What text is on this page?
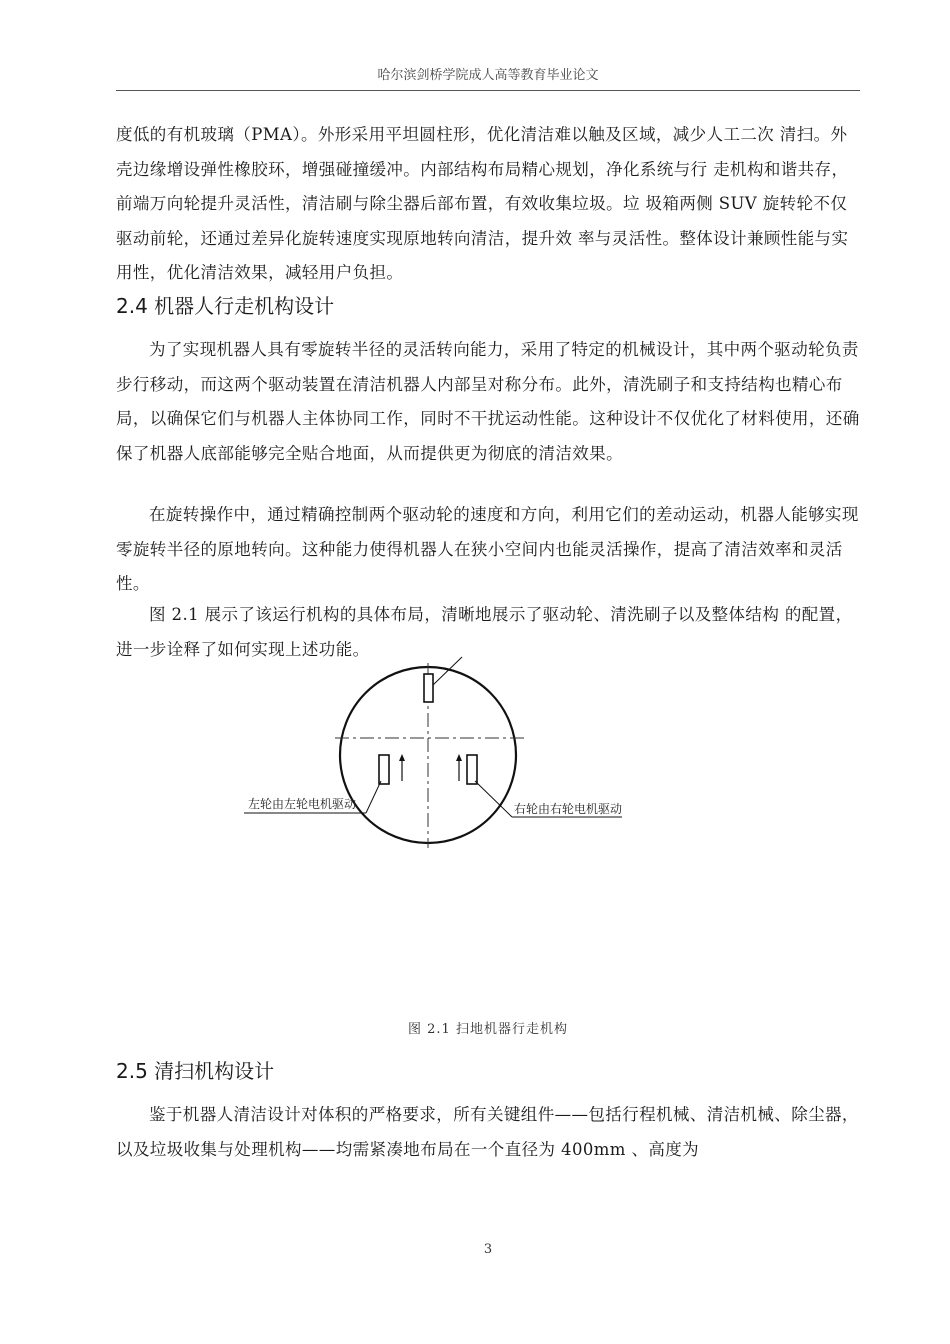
哈尔滨剑桥学院成人高等教育毕业论文

度低的有机玻璃（PMA）。外形采用平坦圆柱形，优化清洁难以触及区域，减少人工二次 清扫。外壳边缘增设弹性橡胶环，增强碰撞缓冲。内部结构布局精心规划，净化系统与行 走机构和谐共存，前端万向轮提升灵活性，清洁刷与除尘器后部布置，有效收集垃圾。垃 圾箱两侧 SUV 旋转轮不仅驱动前轮，还通过差异化旋转速度实现原地转向清洁，提升效 率与灵活性。整体设计兼顾性能与实用性，优化清洁效果，减轻用户负担。

2.4 机器人行走机构设计

为了实现机器人具有零旋转半径的灵活转向能力，采用了特定的机械设计，其中两个驱动轮负责步行移动，而这两个驱动装置在清洁机器人内部呈对称分布。此外，清洗刷子和支持结构也精心布局，以确保它们与机器人主体协同工作，同时不干扰运动性能。这种设计不仅优化了材料使用，还确保了机器人底部能够完全贴合地面，从而提供更为彻底的清洁效果。

在旋转操作中，通过精确控制两个驱动轮的速度和方向，利用它们的差动运动，机器人能够实现零旋转半径的原地转向。这种能力使得机器人在狭小空间内也能灵活操作，提高了清洁效率和灵活性。

图 2.1 展示了该运行机构的具体布局，清晰地展示了驱动轮、清洗刷子以及整体结构 的配置，进一步诠释了如何实现上述功能。

左轮由左轮电机驱动	右轮由右轮电机驱动
图 2.1 扫地机器行走机构
2.5 清扫机构设计

鉴于机器人清洁设计对体积的严格要求，所有关键组件——包括行程机械、清洁机械、除尘器， 以及垃圾收集与处理机构——均需紧凑地布局在一个直径为 400mm 、高度为

3
